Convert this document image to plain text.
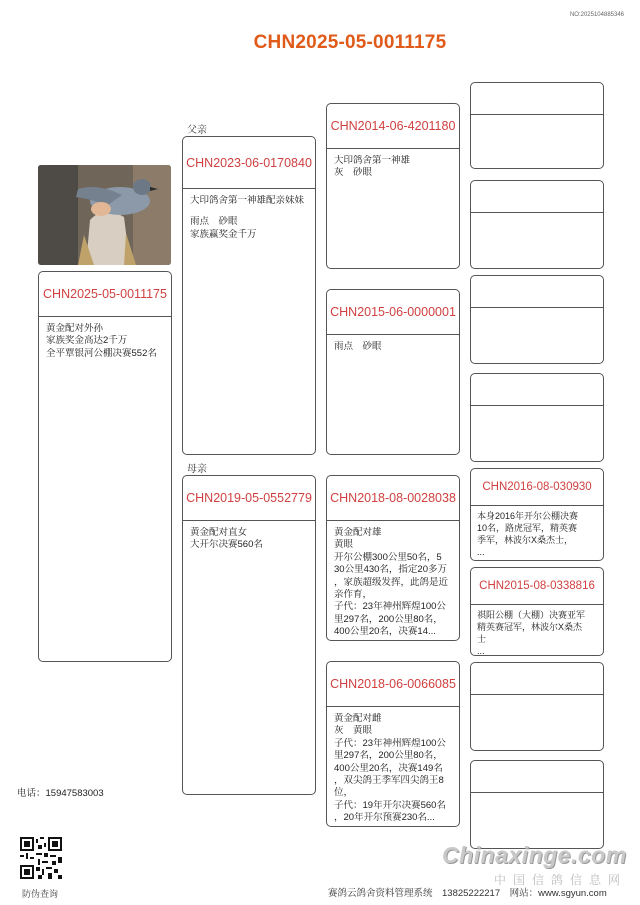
NO:2025104885346
CHN2025-05-0011175
CHN2025-05-0011175
黄金配对外孙
家族奖金高达2千万
全平覃银河公棚决赛552名
父亲
母亲
CHN2023-06-0170840
大印鸽舍第一神雄配亲妹妹
雨点　砂眼
家族赢奖金千万
CHN2019-05-0552779
黄金配对直女
大开尔决赛560名
CHN2014-06-4201180
大印鸽舍第一神雄
灰　砂眼
CHN2015-06-0000001
雨点　砂眼
CHN2018-08-0028038
黄金配对雄
黄眼
开尔公棚300公里50名，5
30公里430名，指定20多万
，家族超级发挥，此鸽是近
亲作育，
子代：23年神州辉煌100公
里297名，200公里80名，
400公里20名，决赛14...
CHN2018-06-0066085
黄金配对雌
灰　黄眼
子代：23年神州辉煌100公
里297名，200公里80名，
400公里20名，决赛149名
，双尖鸽王季军四尖鸽王8
位，
子代：19年开尔决赛560名
，20年开尔预赛230名...
CHN2016-08-030930
本身2016年开尔公棚决赛
10名，路虎冠军，精英赛
季军，林波尔X桑杰士，
...
CHN2015-08-0338816
祺阳公棚（大棚）决赛亚军
精英赛冠军，林波尔X桑杰
士
...
电话：15947583003
防伪查询
Chinaxinge.com
中国信鸽信息网
赛鸽云鸽舍资料管理系统　13825222217　网站：www.sgyun.com
